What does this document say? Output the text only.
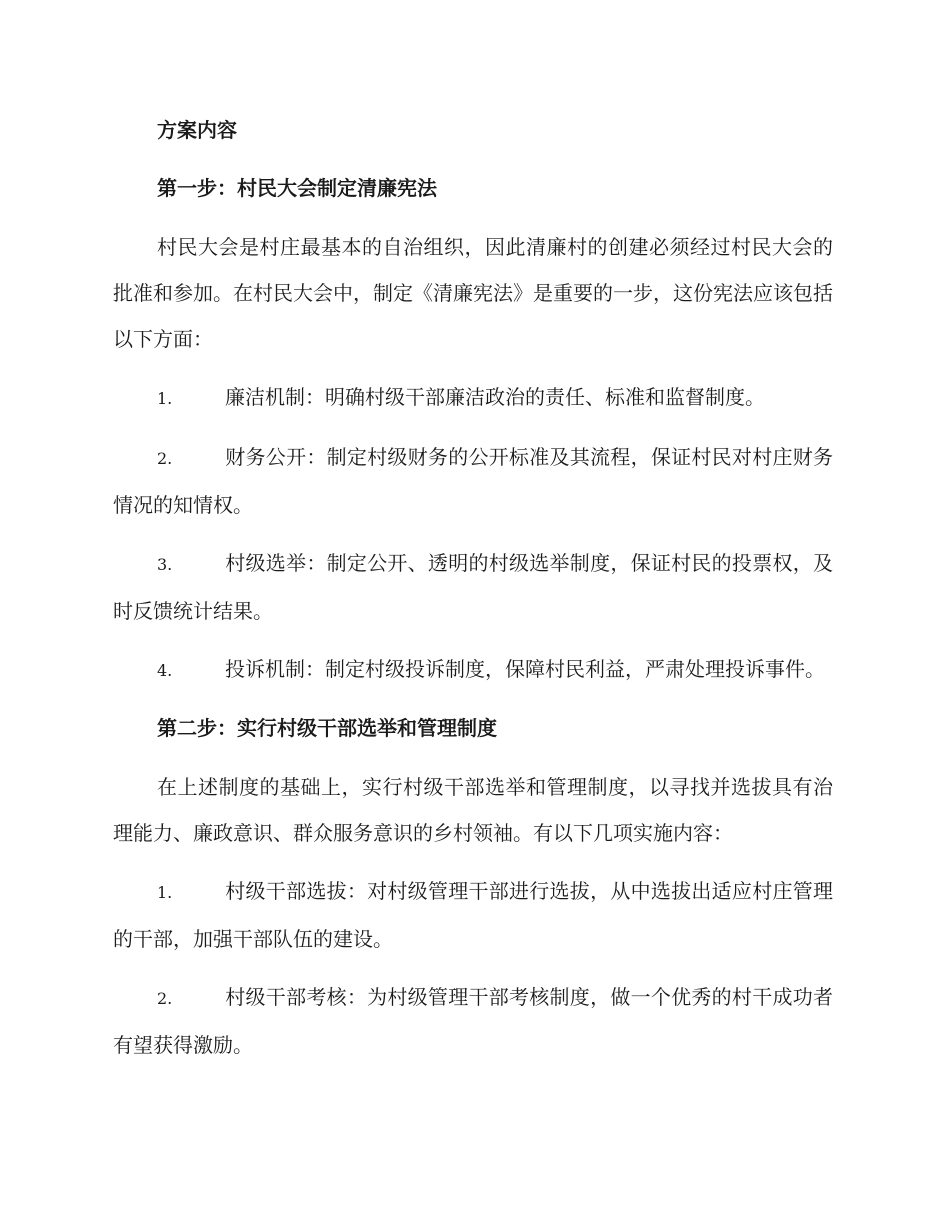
方案内容

第一步：村民大会制定清廉宪法

村民大会是村庄最基本的自治组织，因此清廉村的创建必须经过村民大会的批准和参加。在村民大会中，制定《清廉宪法》是重要的一步，这份宪法应该包括以下方面：

1.	廉洁机制：明确村级干部廉洁政治的责任、标准和监督制度。

2.	财务公开：制定村级财务的公开标准及其流程，保证村民对村庄财务情况的知情权。

3.	村级选举：制定公开、透明的村级选举制度，保证村民的投票权，及时反馈统计结果。

4.	投诉机制：制定村级投诉制度，保障村民利益，严肃处理投诉事件。

第二步：实行村级干部选举和管理制度

在上述制度的基础上，实行村级干部选举和管理制度，以寻找并选拔具有治理能力、廉政意识、群众服务意识的乡村领袖。有以下几项实施内容：

1.	村级干部选拔：对村级管理干部进行选拔，从中选拔出适应村庄管理的干部，加强干部队伍的建设。

2.	村级干部考核：为村级管理干部考核制度，做一个优秀的村干成功者有望获得激励。
